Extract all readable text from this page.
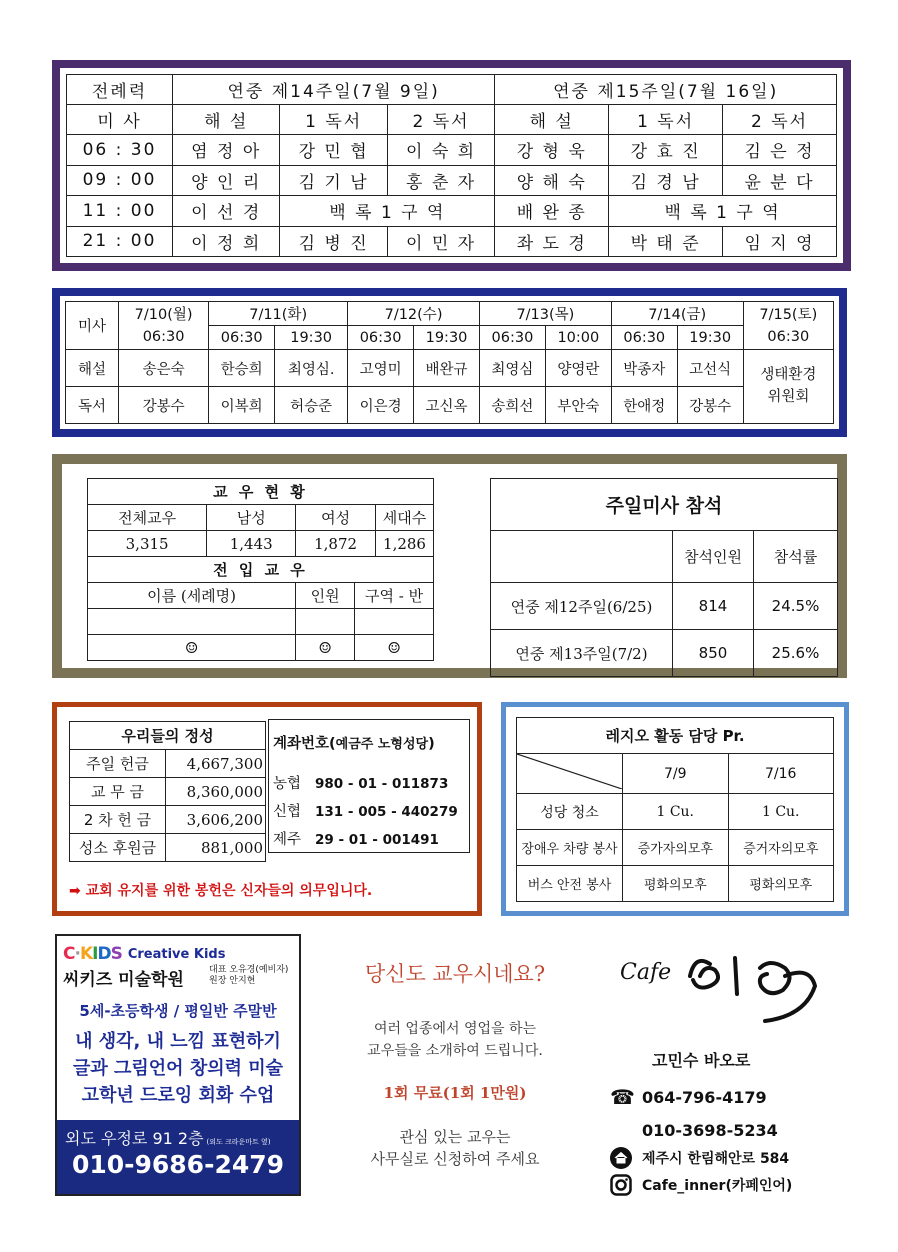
전례력	연중 제14주일(7월 9일)			연중 제15주일(7월 16일)		
미 사	해 설	1 독서	2 독서	해 설	1 독서	2 독서
06 : 30	염 정 아	강 민 협	이 숙 희	강 형 욱	강 효 진	김 은 정
09 : 00	양 인 리	김 기 남	홍 춘 자	양 해 숙	김 경 남	윤 분 다
11 : 00	이 선 경	백 록 1 구 역		배 완 종	백 록 1 구 역	
21 : 00	이 정 희	김 병 진	이 민 자	좌 도 경	박 태 준	임 지 영
미사	7/10(월)	7/11(화)		7/12(수)		7/13(목)		7/14(금)		7/15(토)
	06:30	06:30	19:30	06:30	19:30	06:30	10:00	06:30	19:30	06:30
해설	송은숙	한승희	최영심.	고영미	배완규	최영심	양영란	박종자	고선식	생태환경
위원회
독서	강봉수	이복희	허승준	이은경	고신옥	송희선	부안숙	한애정	강봉수	
교 우 현 황
전체교우	남성		여성	세대수

3,315	1,443		1,872	1,286

전 입 교 우
이름 (세례명)	인원	구역 - 반

☺	☺	☺
주일미사 참석		
	참석인원	참석률
연중 제12주일(6/25)	814	24.5%
연중 제13주일(7/2)	850	25.6%
우리들의 정성	
주일 헌금	4,667,300
교 무 금	8,360,000
2 차 헌 금	3,606,200
성소 후원금	881,000
계좌번호(예금주 노형성당)
농협 980 - 01 - 011873
신협 131 - 005 - 440279
제주 29 - 01 - 001491
➡ 교회 유지를 위한 봉헌은 신자들의 의무입니다.
레지오 활동 담당 Pr.		
	7/9	7/16
성당 청소	1 Cu.	1 Cu.
장애우 차량 봉사	증가자의모후	증거자의모후
버스 안전 봉사	평화의모후	평화의모후
C·KIDS Creative Kids
씨키즈 미술학원	대표 오유경(예비자)
원장 안지현
5세-초등학생 / 평일반 주말반
내 생각, 내 느낌 표현하기
글과 그림언어 창의력 미술
고학년 드로잉 회화 수업
외도 우정로 91 2층 (외도 크라운마트 옆)
010-9686-2479
당신도 교우시네요?
여러 업종에서 영업을 하는
교우들을 소개하여 드립니다.
1회 무료(1회 1만원)
관심 있는 교우는
사무실로 신청하여 주세요
Cafe
고민수 바오로
☎ 064-796-4179
010-3698-5234
제주시 한림해안로 584
Cafe_inner(카페인어)
